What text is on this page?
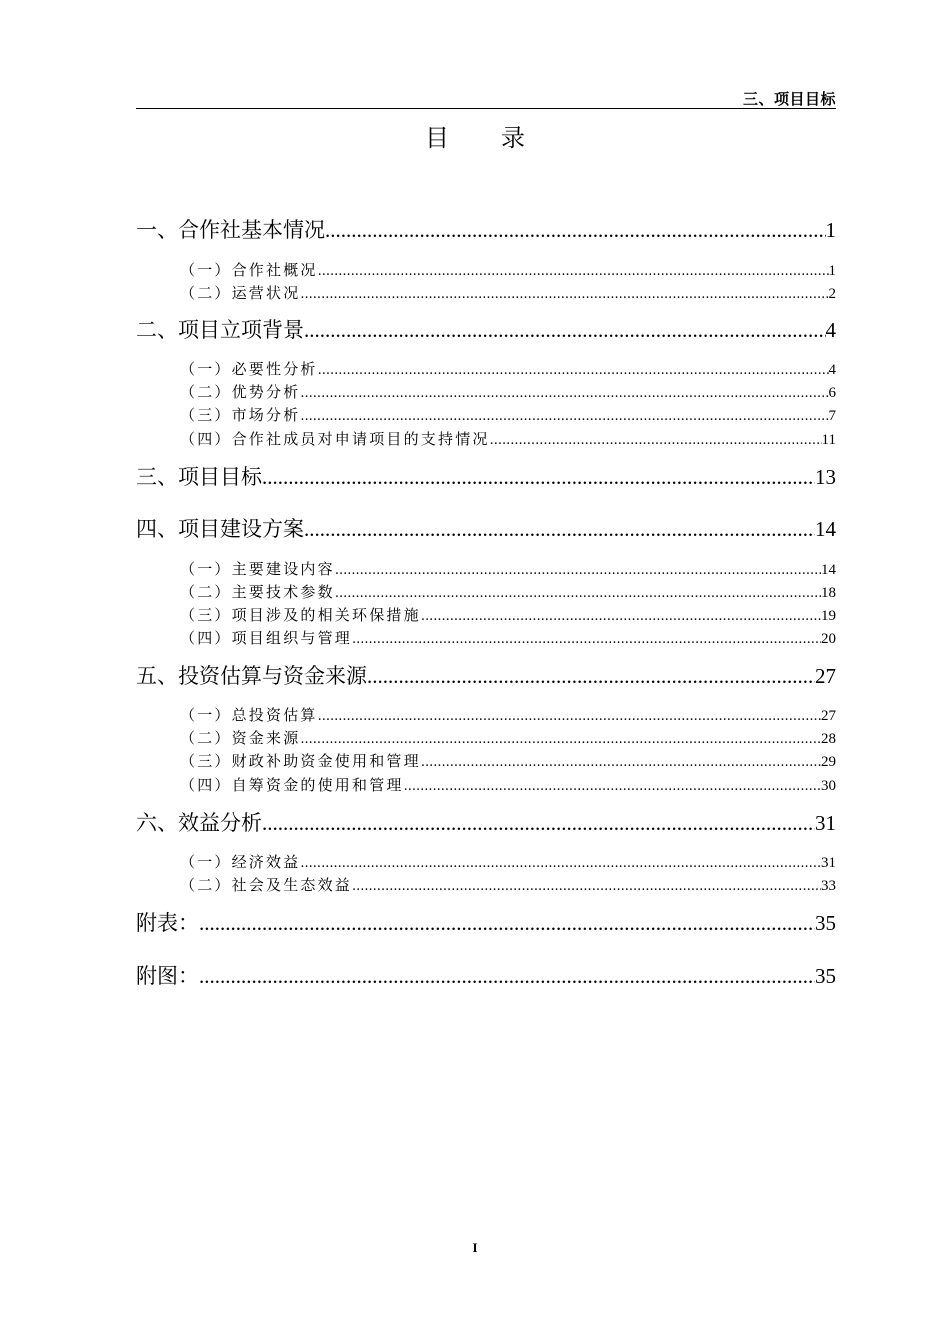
三、项目目标
目录
一、合作社基本情况 .....	1
（一）合作社概况 .....	1
（二）运营状况 .....	2
二、项目立项背景 .....	4
（一）必要性分析 .....	4
（二）优势分析 .....	6
（三）市场分析 .....	7
（四）合作社成员对申请项目的支持情况 .....	11
三、项目目标 .....	13
四、项目建设方案 .....	14
（一）主要建设内容 .....	14
（二）主要技术参数 .....	18
（三）项目涉及的相关环保措施 .....	19
（四）项目组织与管理 .....	20
五、投资估算与资金来源 .....	27
（一）总投资估算 .....	27
（二）资金来源 .....	28
（三）财政补助资金使用和管理 .....	29
（四）自筹资金的使用和管理 .....	30
六、效益分析 .....	31
（一）经济效益 .....	31
（二）社会及生态效益 .....	33
附表： .....	35
附图： .....	35
I
